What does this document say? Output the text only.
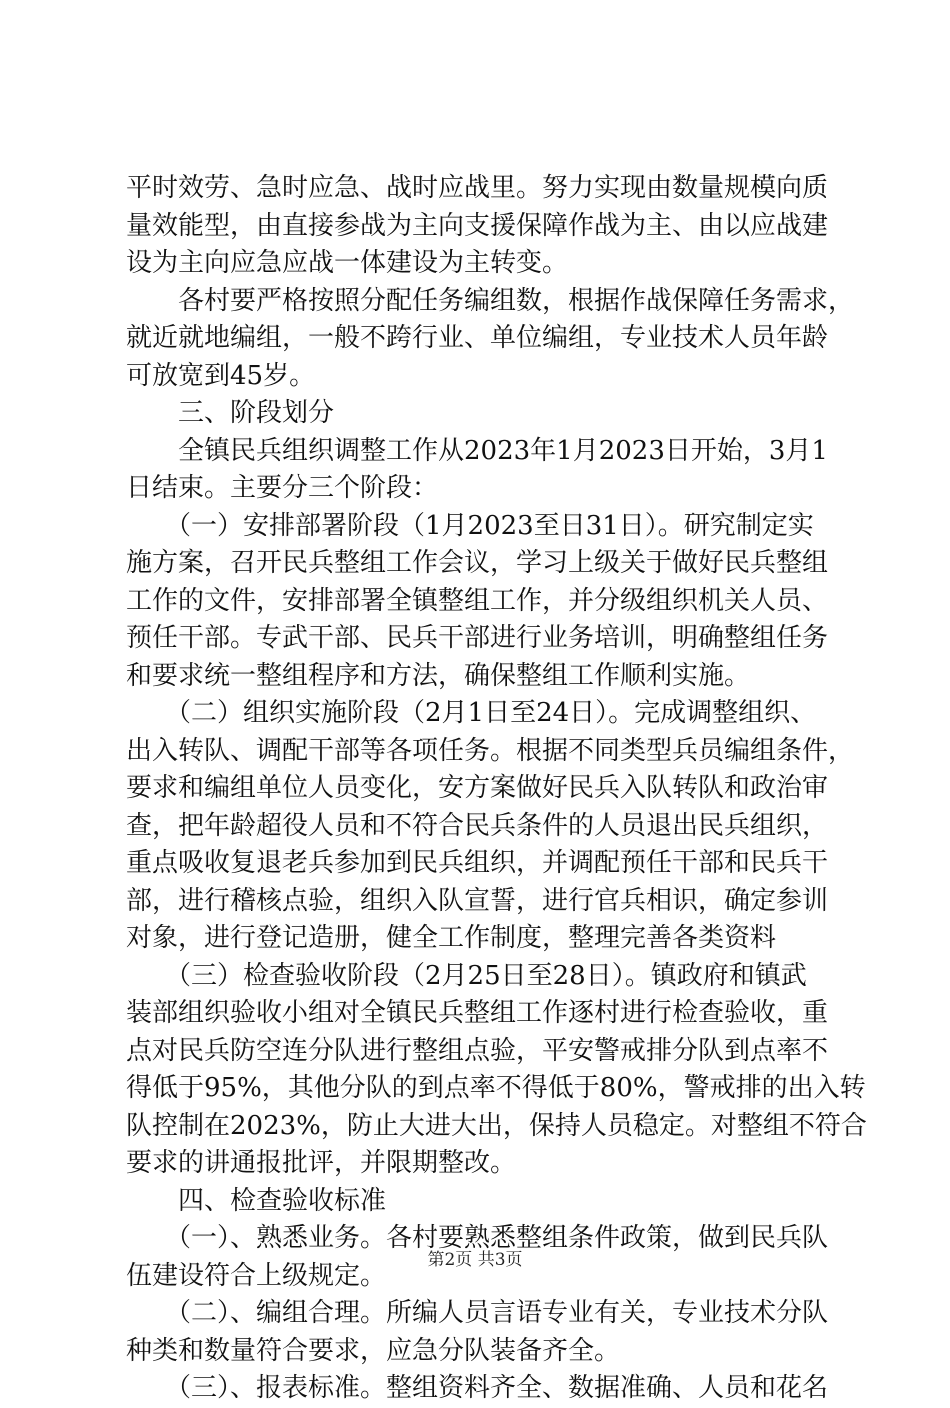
平时效劳、急时应急、战时应战里。努力实现由数量规模向质
量效能型，由直接参战为主向支援保障作战为主、由以应战建
设为主向应急应战一体建设为主转变。
　　各村要严格按照分配任务编组数，根据作战保障任务需求，
就近就地编组，一般不跨行业、单位编组，专业技术人员年龄
可放宽到45岁。
　　三、阶段划分
　　全镇民兵组织调整工作从2023年1月2023日开始，3月1
日结束。主要分三个阶段：
　　（一）安排部署阶段（1月2023至日31日）。研究制定实
施方案，召开民兵整组工作会议，学习上级关于做好民兵整组
工作的文件，安排部署全镇整组工作，并分级组织机关人员、
预任干部。专武干部、民兵干部进行业务培训，明确整组任务
和要求统一整组程序和方法，确保整组工作顺利实施。
　　（二）组织实施阶段（2月1日至24日）。完成调整组织、
出入转队、调配干部等各项任务。根据不同类型兵员编组条件，
要求和编组单位人员变化，安方案做好民兵入队转队和政治审
查，把年龄超役人员和不符合民兵条件的人员退出民兵组织，
重点吸收复退老兵参加到民兵组织，并调配预任干部和民兵干
部，进行稽核点验，组织入队宣誓，进行官兵相识，确定参训
对象，进行登记造册，健全工作制度，整理完善各类资料
　　（三）检查验收阶段（2月25日至28日）。镇政府和镇武
装部组织验收小组对全镇民兵整组工作逐村进行检查验收，重
点对民兵防空连分队进行整组点验，平安警戒排分队到点率不
得低于95%，其他分队的到点率不得低于80%，警戒排的出入转
队控制在2023%，防止大进大出，保持人员稳定。对整组不符合
要求的讲通报批评，并限期整改。
　　四、检查验收标准
　　（一）、熟悉业务。各村要熟悉整组条件政策，做到民兵队
伍建设符合上级规定。
　　（二）、编组合理。所编人员言语专业有关，专业技术分队
种类和数量符合要求，应急分队装备齐全。
　　（三）、报表标准。整组资料齐全、数据准确、人员和花名
第2页 共3页
